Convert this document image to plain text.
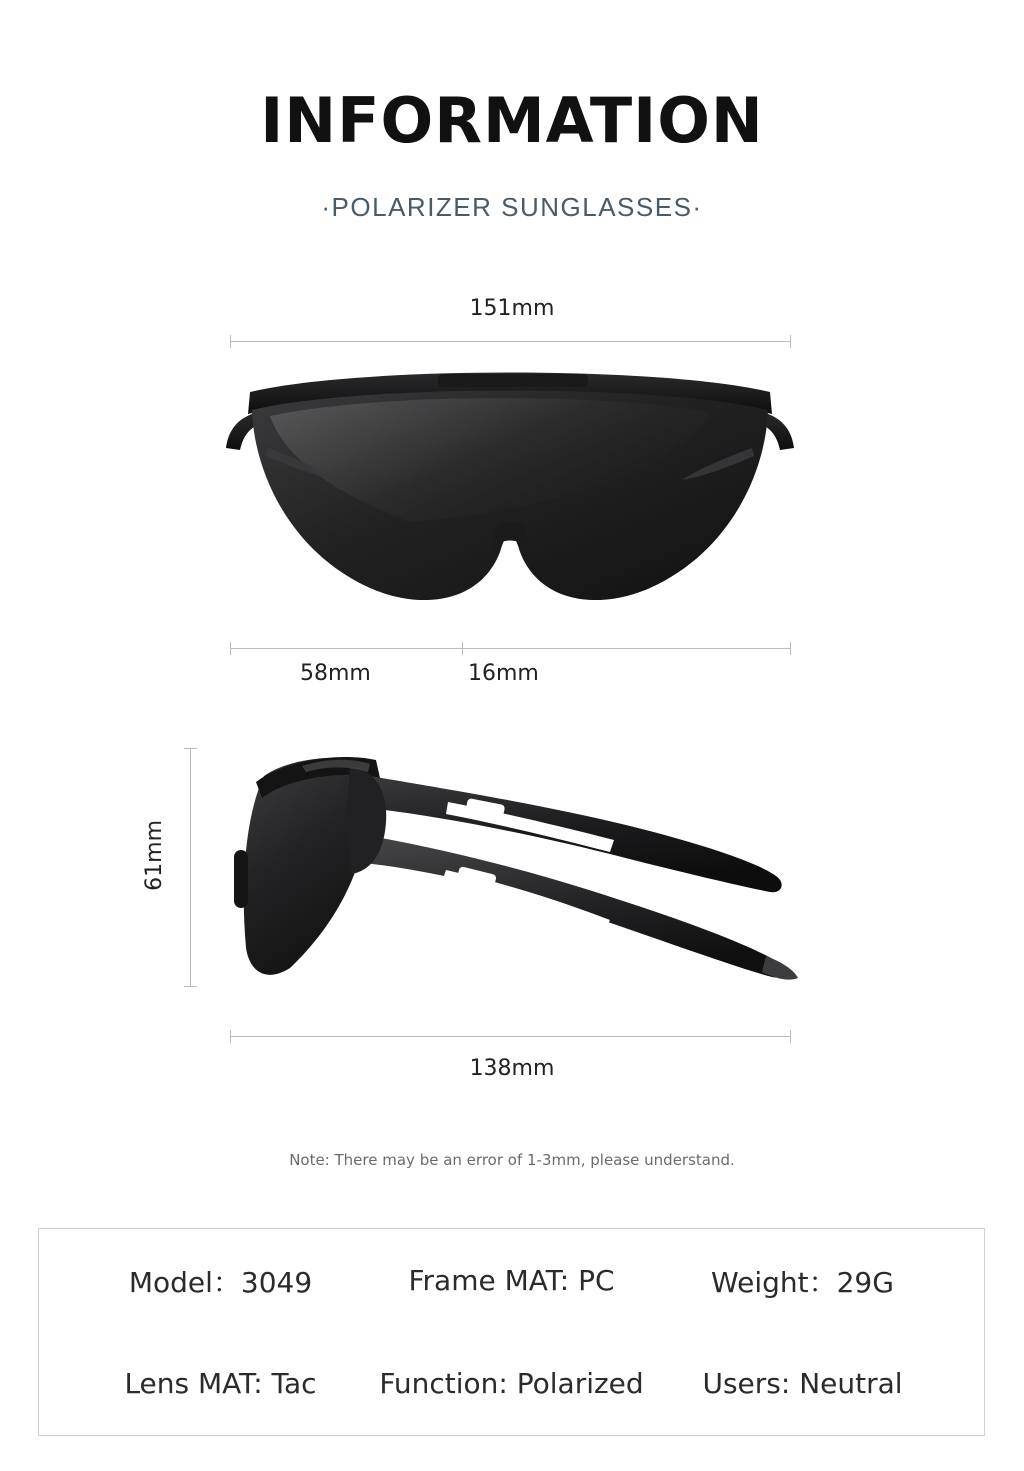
INFORMATION
·POLARIZER SUNGLASSES·
151mm
58mm	16mm
61mm
138mm
Note: There may be an error of 1-3mm, please understand.
Model：3049	Frame MAT: PC	Weight：29G
Lens MAT: Tac	Function: Polarized	Users: Neutral
